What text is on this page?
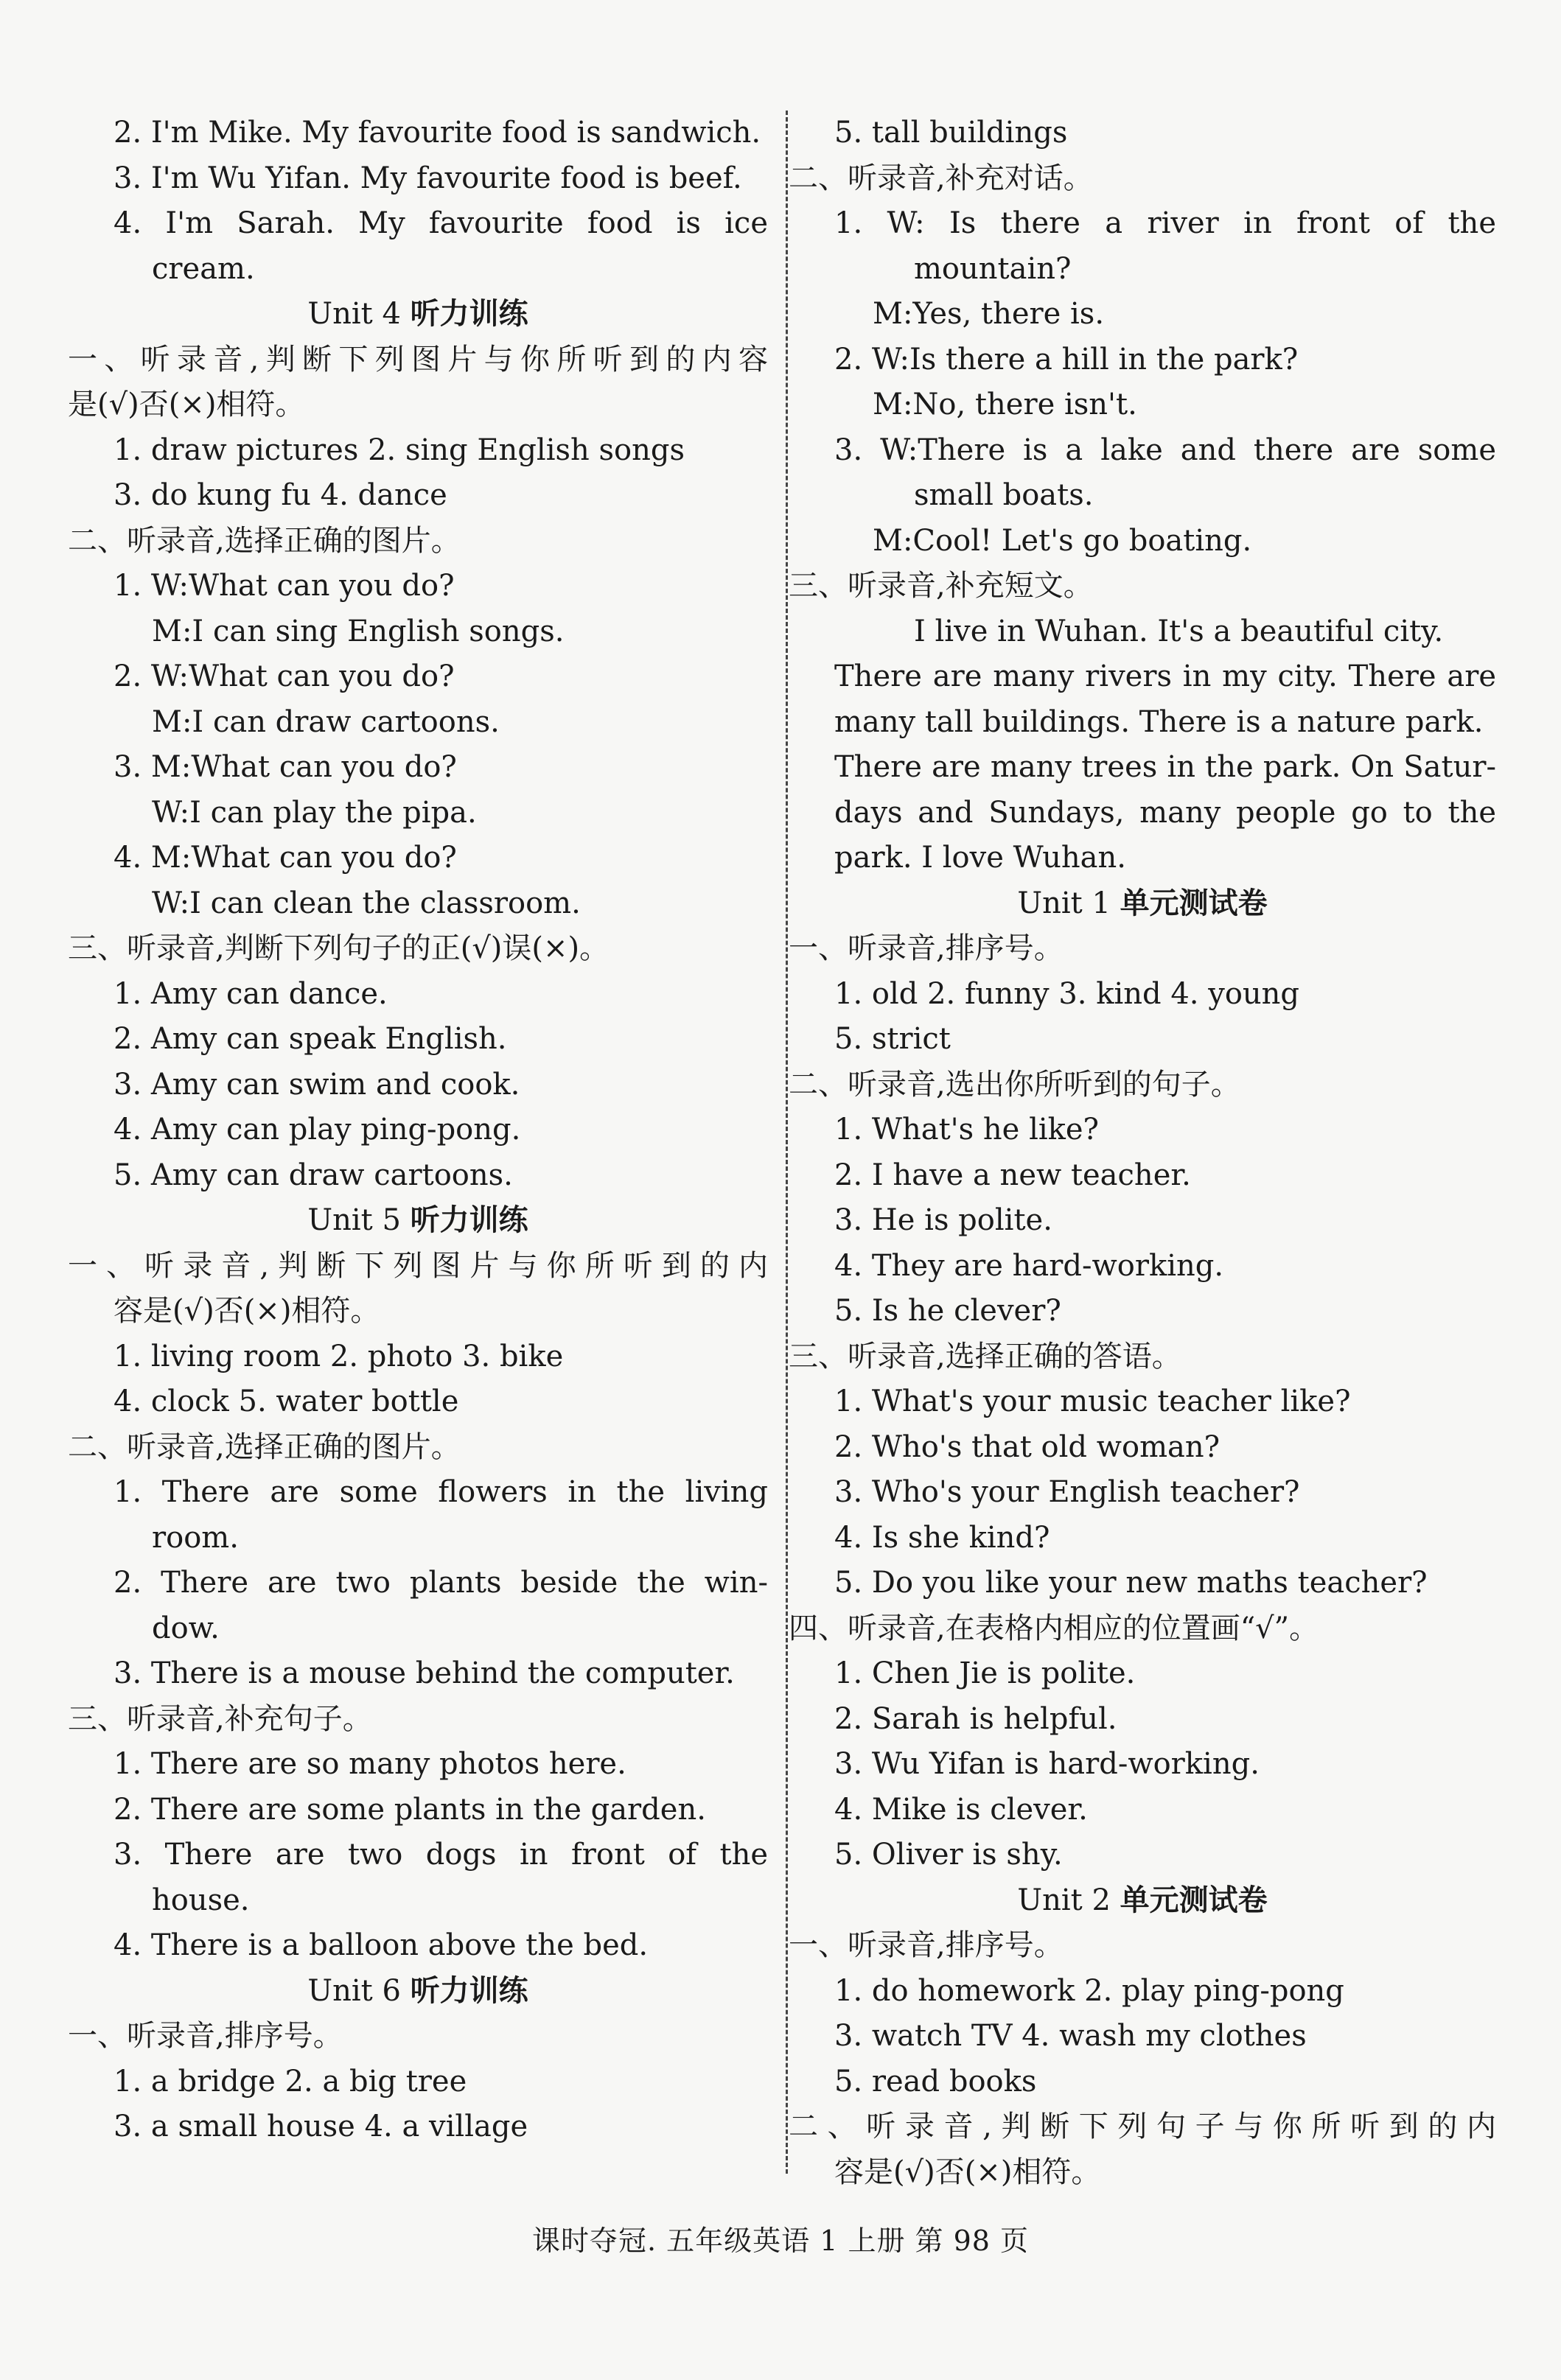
2. I'm Mike. My favourite food is sandwich.
3. I'm Wu Yifan. My favourite food is beef.
4. I'm Sarah. My favourite food is ice
cream.
Unit 4 听力训练
一、听录音,判断下列图片与你所听到的内容
是(√)否(×)相符。
1. draw pictures 2. sing English songs
3. do kung fu 4. dance
二、听录音,选择正确的图片。
1. W:What can you do?
M:I can sing English songs.
2. W:What can you do?
M:I can draw cartoons.
3. M:What can you do?
W:I can play the pipa.
4. M:What can you do?
W:I can clean the classroom.
三、听录音,判断下列句子的正(√)误(×)。
1. Amy can dance.
2. Amy can speak English.
3. Amy can swim and cook.
4. Amy can play ping-pong.
5. Amy can draw cartoons.
Unit 5 听力训练
一、听录音,判断下列图片与你所听到的内
容是(√)否(×)相符。
1. living room 2. photo 3. bike
4. clock 5. water bottle
二、听录音,选择正确的图片。
1. There are some flowers in the living
room.
2. There are two plants beside the win-
dow.
3. There is a mouse behind the computer.
三、听录音,补充句子。
1. There are so many photos here.
2. There are some plants in the garden.
3. There are two dogs in front of the
house.
4. There is a balloon above the bed.
Unit 6 听力训练
一、听录音,排序号。
1. a bridge 2. a big tree
3. a small house 4. a village
5. tall buildings
二、听录音,补充对话。
1. W: Is there a river in front of the
mountain?
M:Yes, there is.
2. W:Is there a hill in the park?
M:No, there isn't.
3. W:There is a lake and there are some
small boats.
M:Cool! Let's go boating.
三、听录音,补充短文。
I live in Wuhan. It's a beautiful city.
There are many rivers in my city. There are
many tall buildings. There is a nature park.
There are many trees in the park. On Satur-
days and Sundays, many people go to the
park. I love Wuhan.
Unit 1 单元测试卷
一、听录音,排序号。
1. old 2. funny 3. kind 4. young
5. strict
二、听录音,选出你所听到的句子。
1. What's he like?
2. I have a new teacher.
3. He is polite.
4. They are hard-working.
5. Is he clever?
三、听录音,选择正确的答语。
1. What's your music teacher like?
2. Who's that old woman?
3. Who's your English teacher?
4. Is she kind?
5. Do you like your new maths teacher?
四、听录音,在表格内相应的位置画“√”。
1. Chen Jie is polite.
2. Sarah is helpful.
3. Wu Yifan is hard-working.
4. Mike is clever.
5. Oliver is shy.
Unit 2 单元测试卷
一、听录音,排序号。
1. do homework 2. play ping-pong
3. watch TV 4. wash my clothes
5. read books
二、听录音,判断下列句子与你所听到的内
容是(√)否(×)相符。
课时夺冠. 五年级英语 1 上册 第 98 页
